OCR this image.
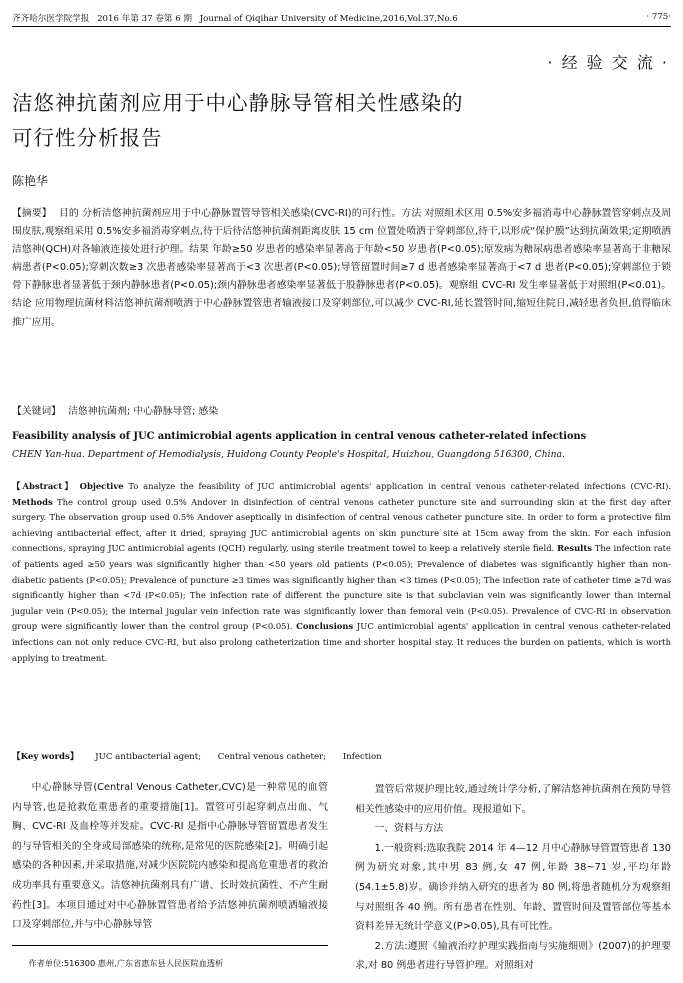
齐齐哈尔医学院学报 2016 年第 37 卷第 6 期 Journal of Qiqihar University of Medicine,2016,Vol.37,No.6	· 775·
· 经 验 交 流 ·
洁悠神抗菌剂应用于中心静脉导管相关性感染的
可行性分析报告
陈艳华

【摘要】 目的 分析洁悠神抗菌剂应用于中心静脉置管导管相关感染(CVC-RI)的可行性。方法 对照组术区用 0.5%安多福消毒中心静脉置管穿刺点及周围皮肤,观察组采用 0.5%安多福消毒穿刺点,待干后待洁悠神抗菌剂距离皮肤 15 cm 位置处喷洒于穿刺部位,待干,以形成“保护膜”达到抗菌效果;定期喷洒洁悠神(QCH)对各输液连接处进行护理。结果 年龄≥50 岁患者的感染率显著高于年龄<50 岁患者(P<0.05);原发病为糖尿病患者感染率显著高于非糖尿病患者(P<0.05);穿刺次数≥3 次患者感染率显著高于<3 次患者(P<0.05);导管留置时间≥7 d 患者感染率显著高于<7 d 患者(P<0.05);穿刺部位于锁骨下静脉患者显著低于颈内静脉患者(P<0.05);颈内静脉患者感染率显著低于股静脉患者(P<0.05)。观察组 CVC-RI 发生率显著低于对照组(P<0.01)。结论 应用物理抗菌材料洁悠神抗菌剂喷洒于中心静脉置管患者输液接口及穿刺部位,可以减少 CVC-RI,延长置管时间,缩短住院日,减轻患者负担,值得临床推广应用。

【关键词】 洁悠神抗菌剂; 中心静脉导管; 感染
Feasibility analysis of JUC antimicrobial agents application in central venous catheter-related infections
CHEN Yan-hua. Department of Hemodialysis, Huidong County People's Hospital, Huizhou, Guangdong 516300, China.

【Abstract】 Objective To analyze the feasibility of JUC antimicrobial agents' application in central venous catheter-related infections (CVC-RI). Methods The control group used 0.5% Andover in disinfection of central venous catheter puncture site and surrounding skin at the first day after surgery. The observation group used 0.5% Andover aseptically in disinfection of central venous catheter puncture site. In order to form a protective film achieving antibacterial effect, after it dried, spraying JUC antimicrobial agents on skin puncture site at 15cm away from the skin. For each infusion connections, spraying JUC antimicrobial agents (QCH) regularly, using sterile treatment towel to keep a relatively sterile field. Results The infection rate of patients aged ≥50 years was significantly higher than <50 years old patients (P<0.05); Prevalence of diabetes was significantly higher than non-diabetic patients (P<0.05); Prevalence of puncture ≥3 times was significantly higher than <3 times (P<0.05); The infection rate of catheter time ≥7d was significantly higher than <7d (P<0.05); The infection rate of different the puncture site is that subclavian vein was significantly lower than internal jugular vein (P<0.05); the internal jugular vein infection rate was significantly lower than femoral vein (P<0.05). Prevalence of CVC-RI in observation group were significantly lower than the control group (P<0.05). Conclusions JUC antimicrobial agents' application in central venous catheter-related infections can not only reduce CVC-RI, but also prolong catheterization time and shorter hospital stay. It reduces the burden on patients, which is worth applying to treatment.

【Key words】 JUC antibacterial agent; Central venous catheter; Infection

中心静脉导管(Central Venous Catheter,CVC)是一种常见的血管内导管,也是抢救危重患者的重要措施[1]。置管可引起穿刺点出血、气胸、CVC-RI 及血栓等并发症。CVC-RI 是指中心静脉导管留置患者发生的与导管相关的全身或局部感染的统称,是常见的医院感染[2]。明确引起感染的各种因素,并采取措施,对减少医院院内感染和提高危重患者的救治成功率具有重要意义。洁悠神抗菌剂具有广谱、长时效抗菌性、不产生耐药性[3]。本项目通过对中心静脉置管患者给予洁悠神抗菌剂喷洒输液接口及穿刺部位,并与中心静脉导管

置管后常规护理比较,通过统计学分析,了解洁悠神抗菌剂在预防导管相关性感染中的应用价值。现报道如下。

一、资料与方法

1.一般资料:选取我院 2014 年 4—12 月中心静脉导管置管患者 130 例为研究对象,其中男 83 例,女 47 例,年龄 38~71 岁,平均年龄(54.1±5.8)岁。确诊并纳入研究的患者为 80 例,将患者随机分为观察组与对照组各 40 例。所有患者在性别、年龄、置管时间及置管部位等基本资料差异无统计学意义(P>0.05),具有可比性。

2.方法:遵照《输液治疗护理实践指南与实施细则》(2007)的护理要求,对 80 例患者进行导管护理。对照组对

作者单位:516300 惠州,广东省惠东县人民医院血透析
